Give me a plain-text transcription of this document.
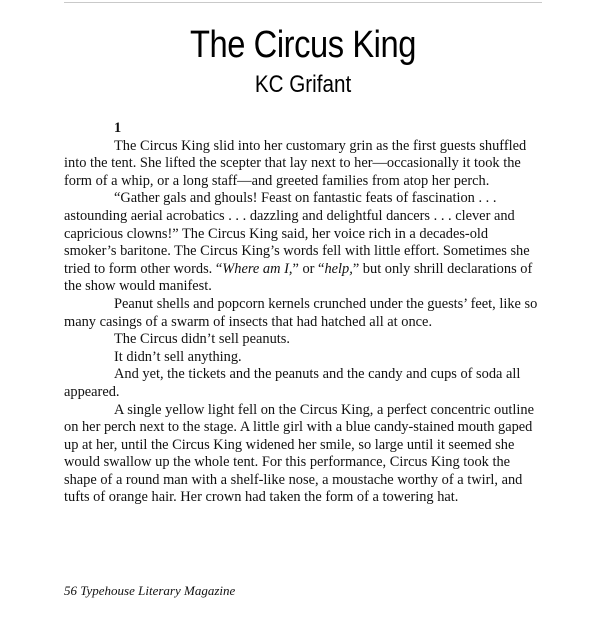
The Circus King
KC Grifant

1

The Circus King slid into her customary grin as the first guests shuffled into the tent. She lifted the scepter that lay next to her—occasionally it took the form of a whip, or a long staff—and greeted families from atop her perch.

“Gather gals and ghouls! Feast on fantastic feats of fascination . . . astounding aerial acrobatics . . . dazzling and delightful dancers . . . clever and capricious clowns!” The Circus King said, her voice rich in a decades-old smoker’s baritone. The Circus King’s words fell with little effort. Sometimes she tried to form other words. “Where am I,” or “help,” but only shrill declarations of the show would manifest.

Peanut shells and popcorn kernels crunched under the guests’ feet, like so many casings of a swarm of insects that had hatched all at once.

The Circus didn’t sell peanuts.

It didn’t sell anything.

And yet, the tickets and the peanuts and the candy and cups of soda all appeared.

A single yellow light fell on the Circus King, a perfect concentric outline on her perch next to the stage. A little girl with a blue candy-stained mouth gaped up at her, until the Circus King widened her smile, so large until it seemed she would swallow up the whole tent. For this performance, Circus King took the shape of a round man with a shelf-like nose, a moustache worthy of a twirl, and tufts of orange hair. Her crown had taken the form of a towering hat.

56 Typehouse Literary Magazine
